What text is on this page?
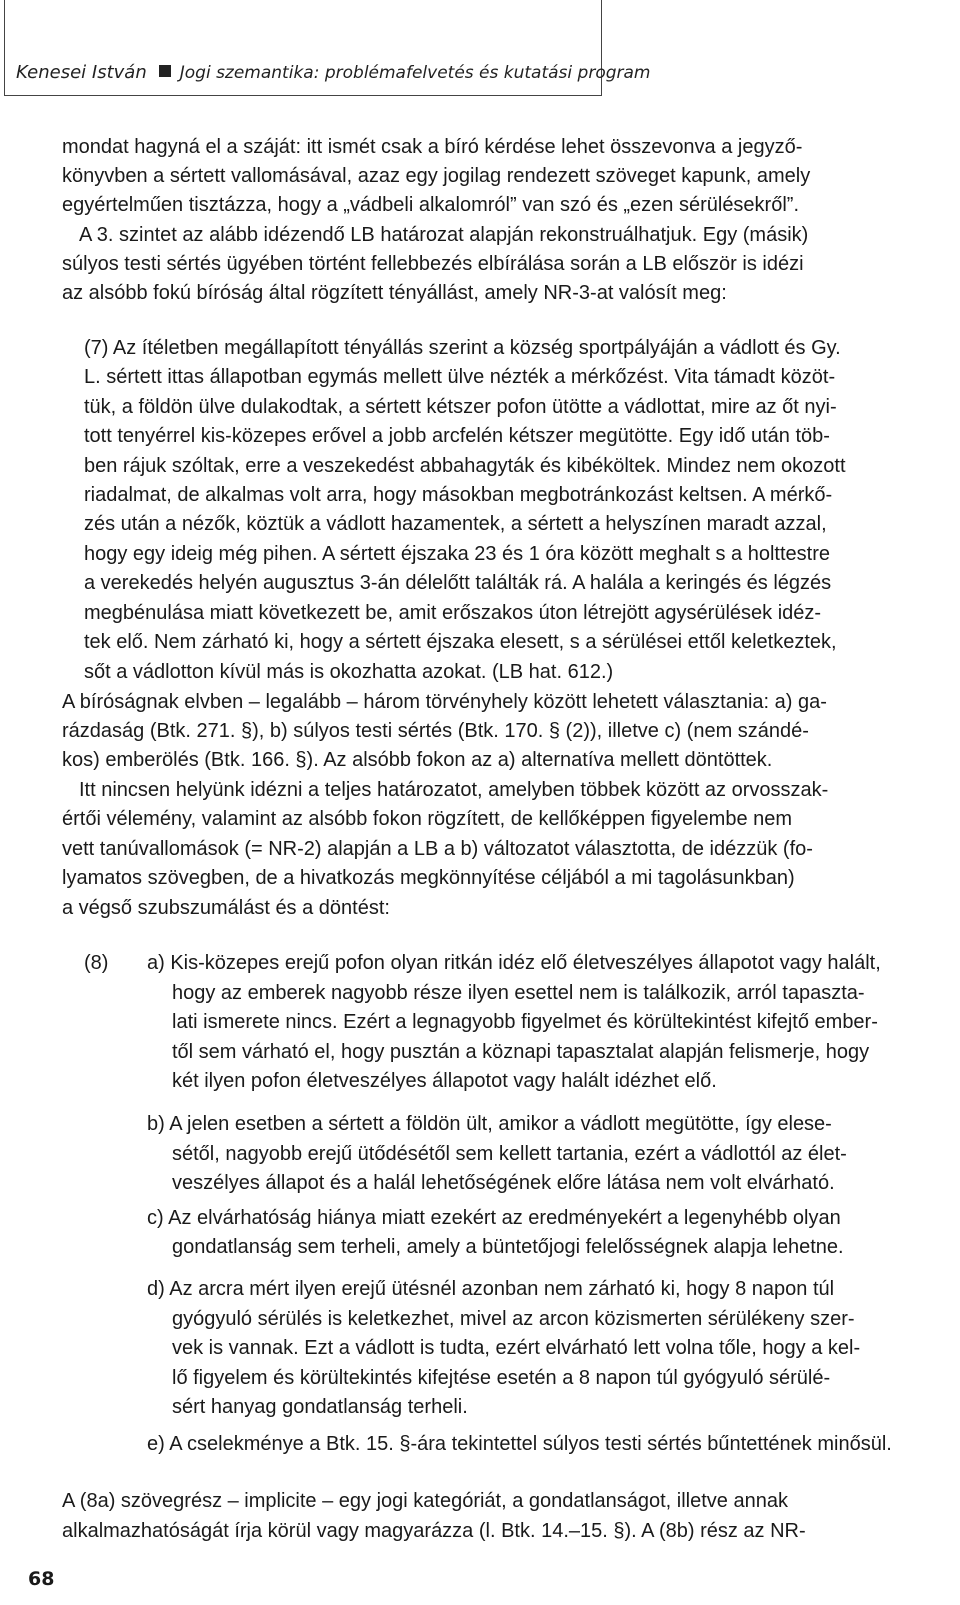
Kenesei István Jogi szemantika: problémafelvetés és kutatási program
mondat hagyná el a száját: itt ismét csak a bíró kérdése lehet összevonva a jegyző-
könyvben a sértett vallomásával, azaz egy jogilag rendezett szöveget kapunk, amely
egyértelműen tisztázza, hogy a „vádbeli alkalomról” van szó és „ezen sérülésekről”.
A 3. szintet az alább idézendő LB határozat alapján rekonstruálhatjuk. Egy (másik)
súlyos testi sértés ügyében történt fellebbezés elbírálása során a LB először is idézi
az alsóbb fokú bíróság által rögzített tényállást, amely NR-3-at valósít meg:
(7) Az ítéletben megállapított tényállás szerint a község sportpályáján a vádlott és Gy.
L. sértett ittas állapotban egymás mellett ülve nézték a mérkőzést. Vita támadt közöt-
tük, a földön ülve dulakodtak, a sértett kétszer pofon ütötte a vádlottat, mire az őt nyi-
tott tenyérrel kis-közepes erővel a jobb arcfelén kétszer megütötte. Egy idő után töb-
ben rájuk szóltak, erre a veszekedést abbahagyták és kibéköltek. Mindez nem okozott
riadalmat, de alkalmas volt arra, hogy másokban megbotránkozást keltsen. A mérkő-
zés után a nézők, köztük a vádlott hazamentek, a sértett a helyszínen maradt azzal,
hogy egy ideig még pihen. A sértett éjszaka 23 és 1 óra között meghalt s a holttestre
a verekedés helyén augusztus 3-án délelőtt találták rá. A halála a keringés és légzés
megbénulása miatt következett be, amit erőszakos úton létrejött agysérülések idéz-
tek elő. Nem zárható ki, hogy a sértett éjszaka elesett, s a sérülései ettől keletkeztek,
sőt a vádlotton kívül más is okozhatta azokat. (LB hat. 612.)
A bíróságnak elvben – legalább – három törvényhely között lehetett választania: a) ga-
rázdaság (Btk. 271. §), b) súlyos testi sértés (Btk. 170. § (2)), illetve c) (nem szándé-
kos) emberölés (Btk. 166. §). Az alsóbb fokon az a) alternatíva mellett döntöttek.
Itt nincsen helyünk idézni a teljes határozatot, amelyben többek között az orvosszak-
értői vélemény, valamint az alsóbb fokon rögzített, de kellőképpen figyelembe nem
vett tanúvallomások (= NR-2) alapján a LB a b) változatot választotta, de idézzük (fo-
lyamatos szövegben, de a hivatkozás megkönnyítése céljából a mi tagolásunkban)
a végső szubszumálást és a döntést:
(8) a) Kis-közepes erejű pofon olyan ritkán idéz elő életveszélyes állapotot vagy halált,
hogy az emberek nagyobb része ilyen esettel nem is találkozik, arról tapaszta-
lati ismerete nincs. Ezért a legnagyobb figyelmet és körültekintést kifejtő ember-
től sem várható el, hogy pusztán a köznapi tapasztalat alapján felismerje, hogy
két ilyen pofon életveszélyes állapotot vagy halált idézhet elő.
b) A jelen esetben a sértett a földön ült, amikor a vádlott megütötte, így elese-
sétől, nagyobb erejű ütődésétől sem kellett tartania, ezért a vádlottól az élet-
veszélyes állapot és a halál lehetőségének előre látása nem volt elvárható.
c) Az elvárhatóság hiánya miatt ezekért az eredményekért a legenyhébb olyan
gondatlanság sem terheli, amely a büntetőjogi felelősségnek alapja lehetne.
d) Az arcra mért ilyen erejű ütésnél azonban nem zárható ki, hogy 8 napon túl
gyógyuló sérülés is keletkezhet, mivel az arcon közismerten sérülékeny szer-
vek is vannak. Ezt a vádlott is tudta, ezért elvárható lett volna tőle, hogy a kel-
lő figyelem és körültekintés kifejtése esetén a 8 napon túl gyógyuló sérülé-
sért hanyag gondatlanság terheli.
e) A cselekménye a Btk. 15. §-ára tekintettel súlyos testi sértés bűntettének minősül.
A (8a) szövegrész – implicite – egy jogi kategóriát, a gondatlanságot, illetve annak
alkalmazhatóságát írja körül vagy magyarázza (l. Btk. 14.–15. §). A (8b) rész az NR-
68
